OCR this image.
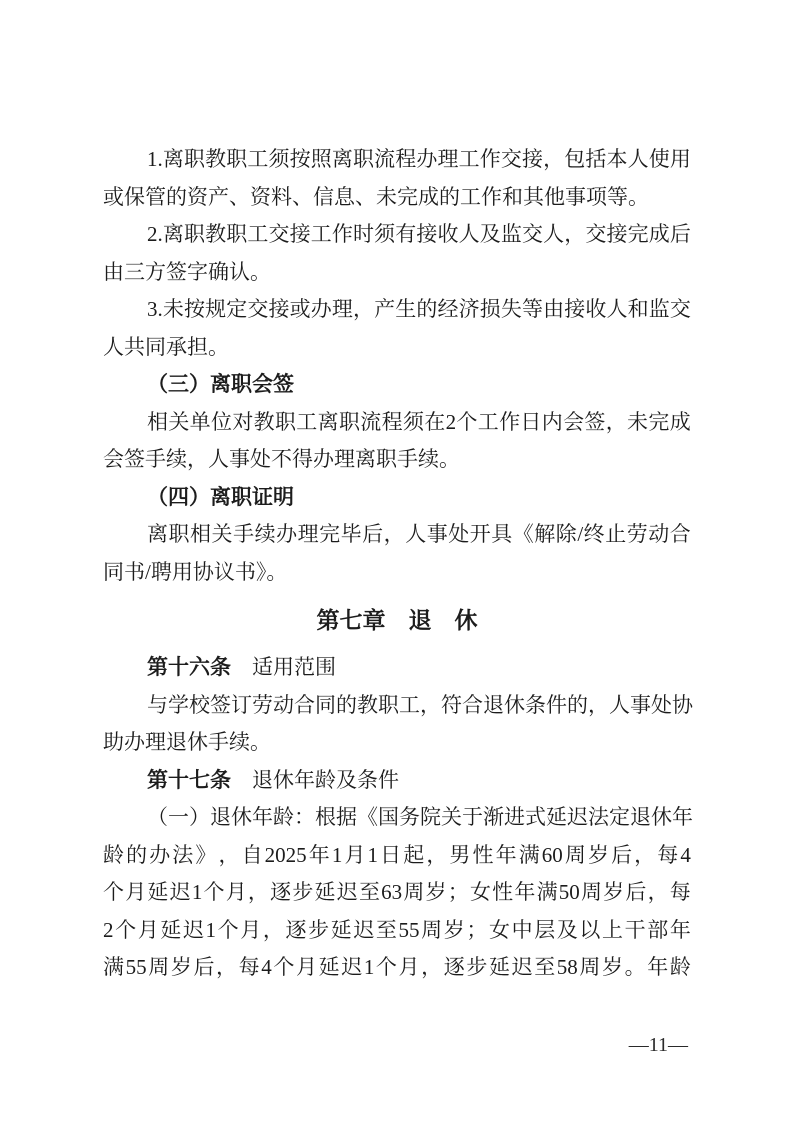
1. 离 职 教 职 工 须 按 照 离 职 流 程 办 理 工 作 交 接 ， 包 括 本 人 使 用
或保管的资产、资料、信息、未完成的工作和其他事项等。
2. 离 职 教 职 工 交 接 工 作 时 须 有 接 收 人 及 监 交 人 ， 交 接 完 成 后
由三方签字确认。
3. 未 按 规 定 交 接 或 办 理 ， 产 生 的 经 济 损 失 等 由 接 收 人 和 监 交
人共同承担。
（三）离职会签
相 关 单 位 对 教 职 工 离 职 流 程 须 在 2 个 工 作 日 内 会 签 ， 未 完 成
会签手续，人事处不得办理离职手续。
（四）离职证明
离 职 相 关 手 续 办 理 完 毕 后 ， 人 事 处 开 具 《 解 除 / 终 止 劳 动 合
同书/聘用协议书》。
第七章　退　休
第十六条　适用范围
与 学 校 签 订 劳 动 合 同 的 教 职 工 ， 符 合 退 休 条 件 的 ， 人 事 处 协
助办理退休手续。
第十七条　退休年龄及条件
（ 一 ） 退 休 年 龄 ： 根 据 《 国 务 院 关 于 渐 进 式 延 迟 法 定 退 休 年
龄 的 办 法 》 ， 自 2025 年 1 月 1 日 起 ， 男 性 年 满 60 周 岁 后 ， 每 4
个 月 延 迟 1 个 月 ， 逐 步 延 迟 至 63 周 岁 ； 女 性 年 满 50 周 岁 后 ， 每
2 个 月 延 迟 1 个 月 ， 逐 步 延 迟 至 55 周 岁 ； 女 中 层 及 以 上 干 部 年
满 55 周 岁 后 ， 每 4 个 月 延 迟 1 个 月 ， 逐 步 延 迟 至 58 周 岁 。 年 龄
—11—
